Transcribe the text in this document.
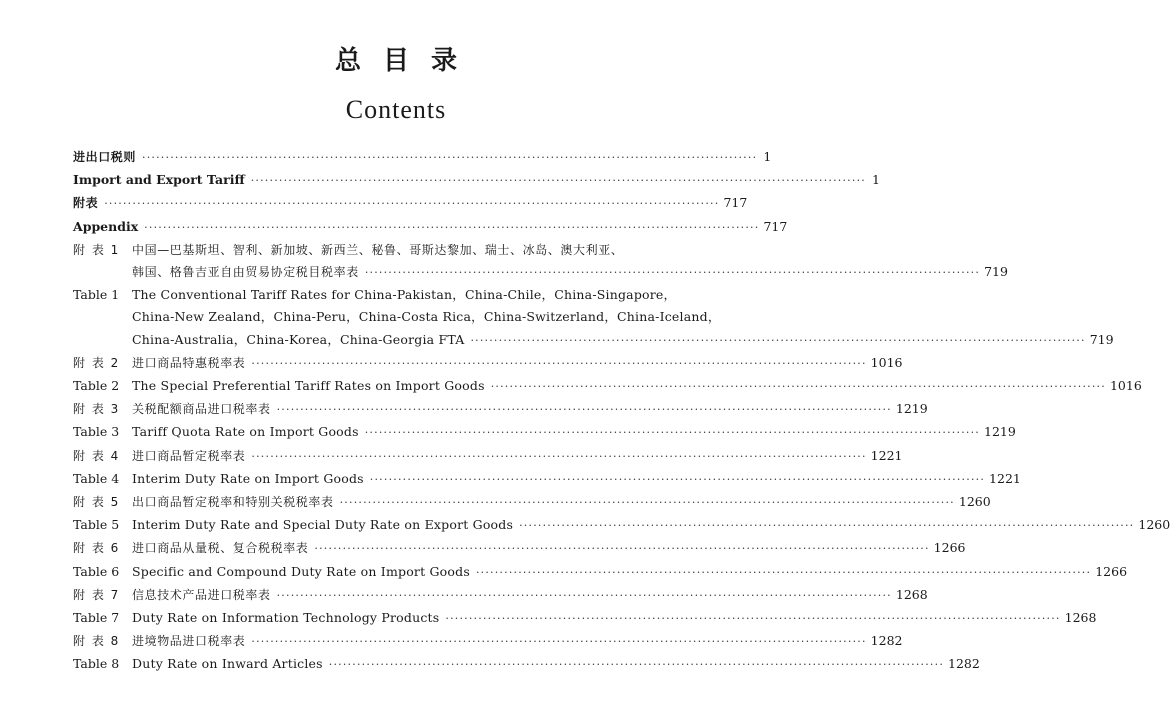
总目录
Contents
进出口税则 ··································································································································· 1
Import and Export Tariff ··································································································································· 1
附表 ··································································································································· 717
Appendix ··································································································································· 717
附 表 1	中国—巴基斯坦、智利、新加坡、新西兰、秘鲁、哥斯达黎加、瑞士、冰岛、澳大利亚、
韩国、格鲁吉亚自由贸易协定税目税率表 ··································································································································· 719
Table 1	The Conventional Tariff Rates for China-Pakistan，China-Chile，China-Singapore，
China-New Zealand，China-Peru，China-Costa Rica，China-Switzerland，China-Iceland，
China-Australia，China-Korea，China-Georgia FTA ··································································································································· 719
附 表 2	进口商品特惠税率表 ··································································································································· 1016
Table 2	The Special Preferential Tariff Rates on Import Goods ··································································································································· 1016
附 表 3	关税配额商品进口税率表 ··································································································································· 1219
Table 3	Tariff Quota Rate on Import Goods ··································································································································· 1219
附 表 4	进口商品暂定税率表 ··································································································································· 1221
Table 4	Interim Duty Rate on Import Goods ··································································································································· 1221
附 表 5	出口商品暂定税率和特别关税税率表 ··································································································································· 1260
Table 5	Interim Duty Rate and Special Duty Rate on Export Goods ··································································································································· 1260
附 表 6	进口商品从量税、复合税税率表 ··································································································································· 1266
Table 6	Specific and Compound Duty Rate on Import Goods ··································································································································· 1266
附 表 7	信息技术产品进口税率表 ··································································································································· 1268
Table 7	Duty Rate on Information Technology Products ··································································································································· 1268
附 表 8	进境物品进口税率表 ··································································································································· 1282
Table 8	Duty Rate on Inward Articles ··································································································································· 1282
